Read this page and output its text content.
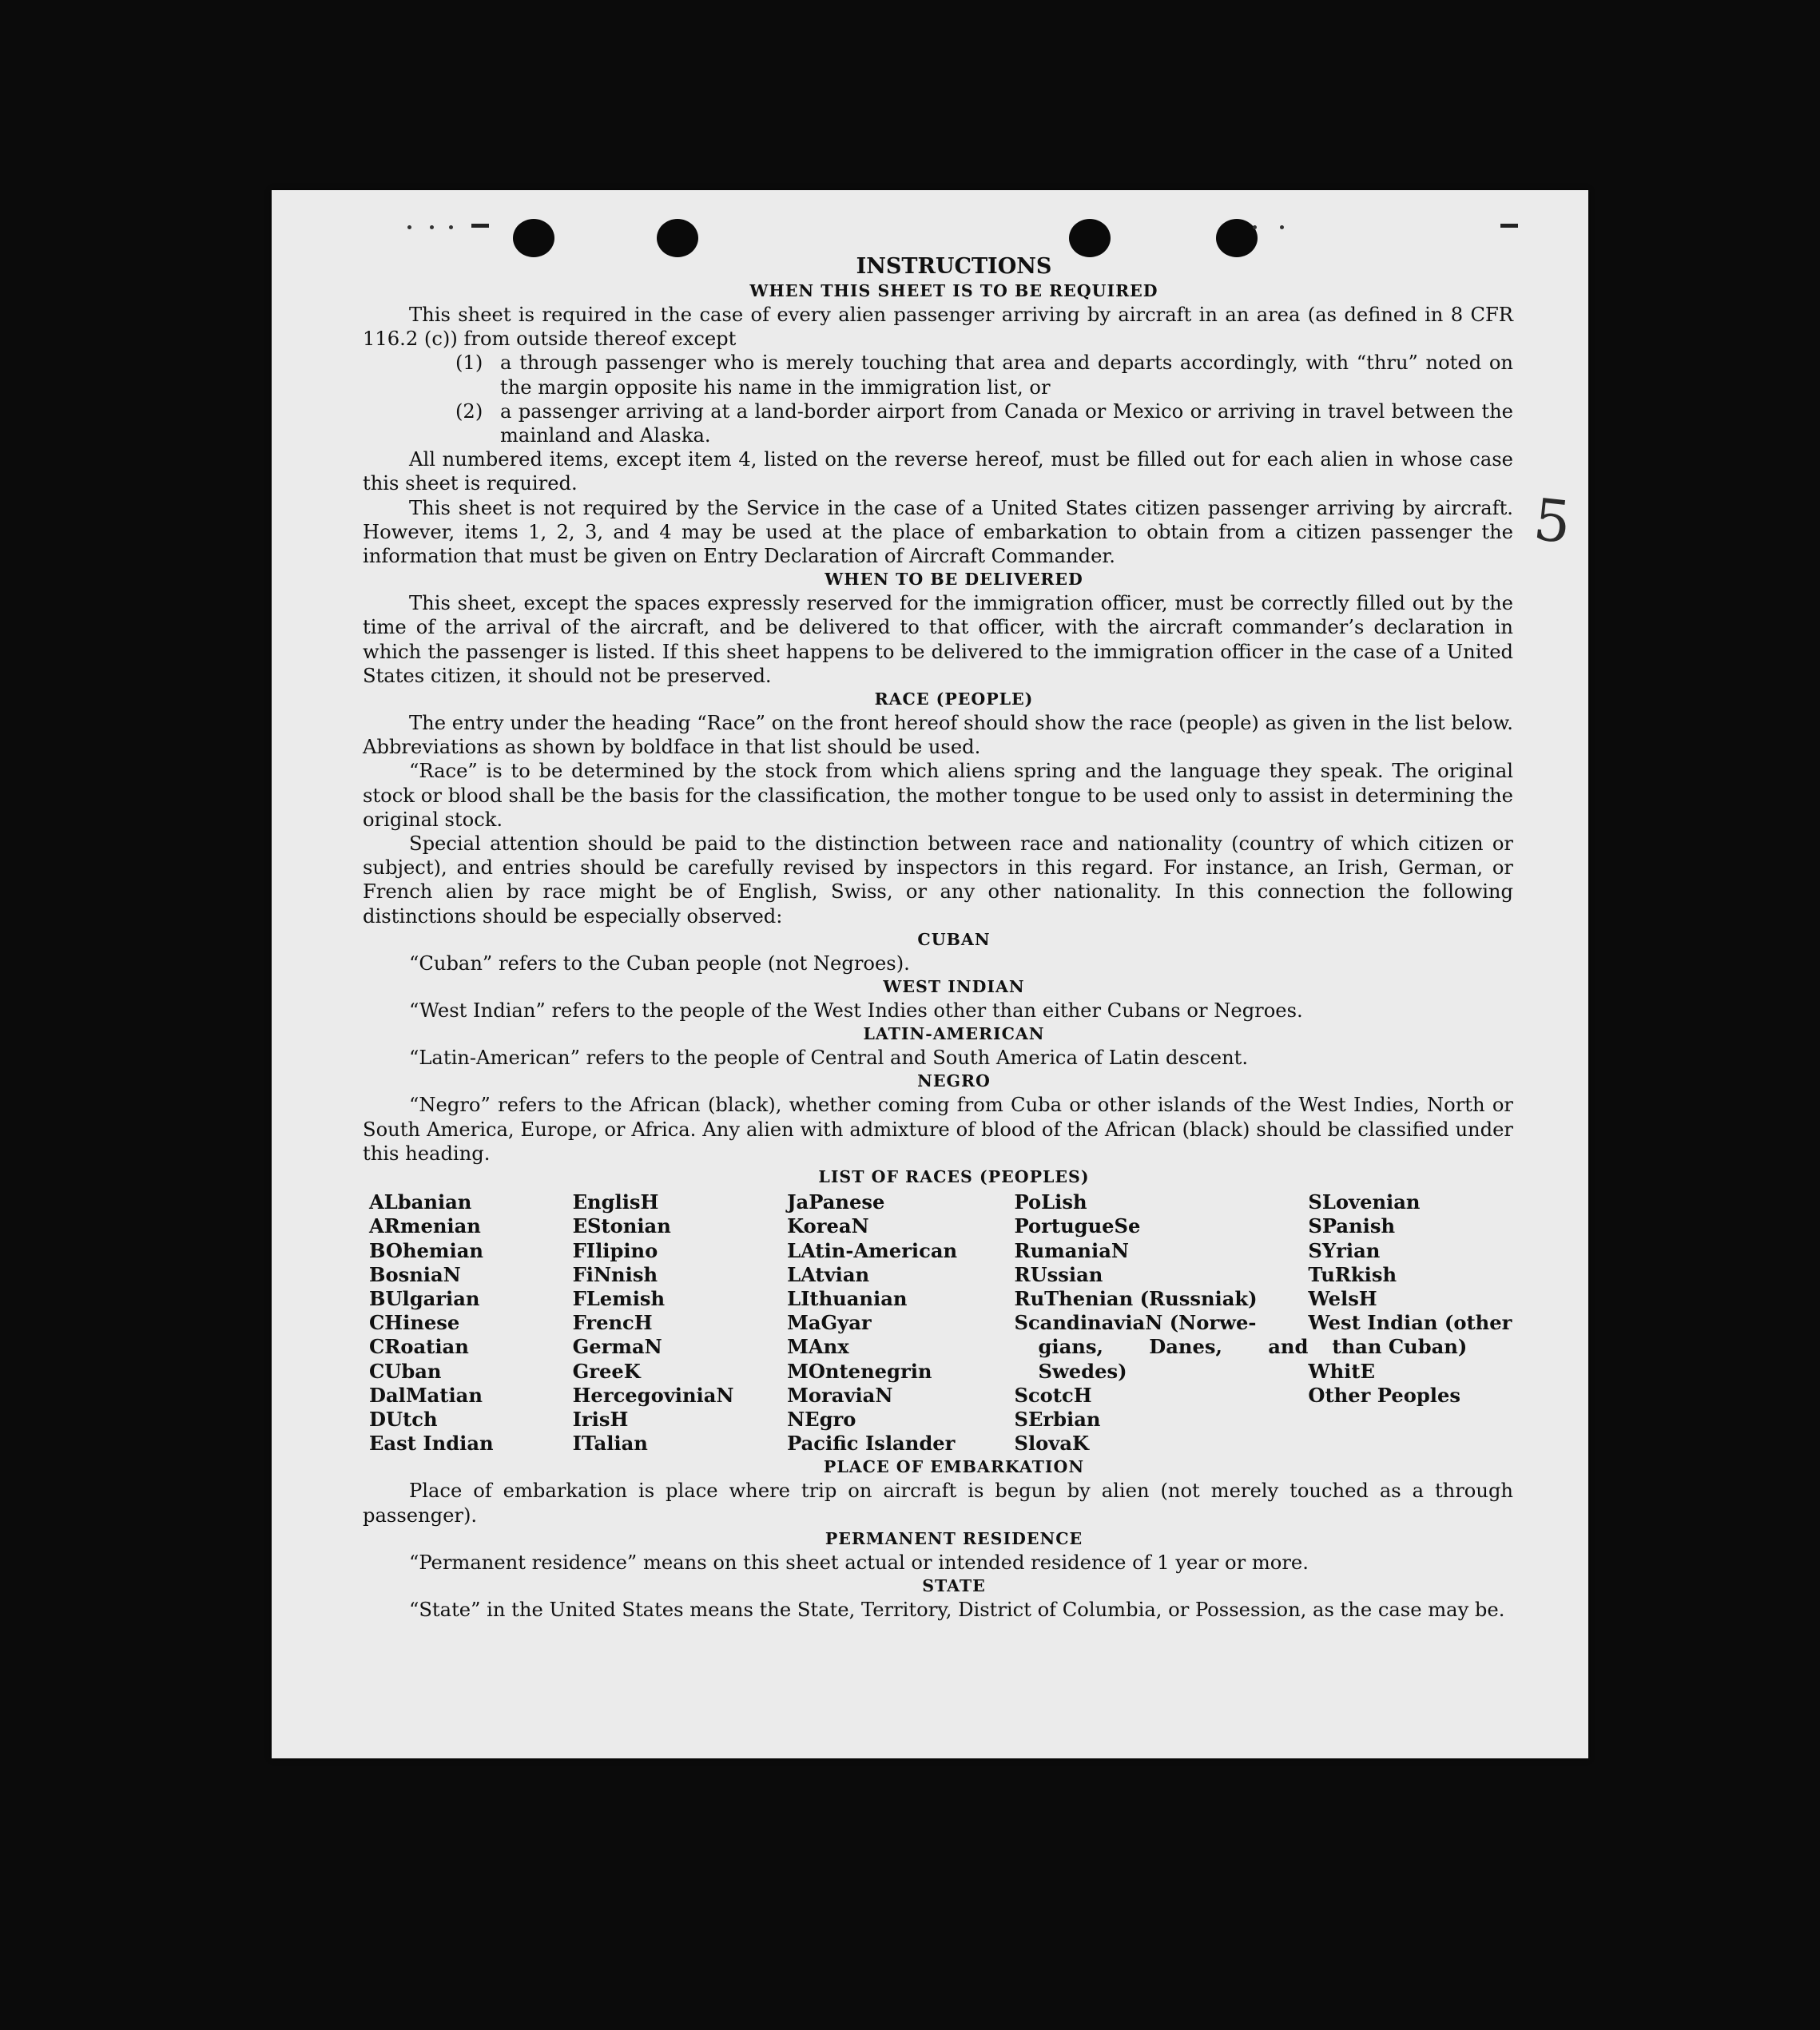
5
INSTRUCTIONS
WHEN THIS SHEET IS TO BE REQUIRED

This sheet is required in the case of every alien passenger arriving by aircraft in an area (as defined in 8 CFR 116.2 (c)) from outside thereof except

(1) a through passenger who is merely touching that area and departs accordingly, with “thru” noted on the margin opposite his name in the immigration list, or
(2) a passenger arriving at a land-border airport from Canada or Mexico or arriving in travel between the mainland and Alaska.

All numbered items, except item 4, listed on the reverse hereof, must be filled out for each alien in whose case this sheet is required.

This sheet is not required by the Service in the case of a United States citizen passenger arriving by aircraft. However, items 1, 2, 3, and 4 may be used at the place of embarkation to obtain from a citizen passenger the information that must be given on Entry Declaration of Aircraft Commander.

WHEN TO BE DELIVERED

This sheet, except the spaces expressly reserved for the immigration officer, must be correctly filled out by the time of the arrival of the aircraft, and be delivered to that officer, with the aircraft commander’s declaration in which the passenger is listed. If this sheet happens to be delivered to the immigration officer in the case of a United States citizen, it should not be preserved.

RACE (PEOPLE)

The entry under the heading “Race” on the front hereof should show the race (people) as given in the list below. Abbreviations as shown by boldface in that list should be used.

“Race” is to be determined by the stock from which aliens spring and the language they speak. The original stock or blood shall be the basis for the classification, the mother tongue to be used only to assist in determining the original stock.

Special attention should be paid to the distinction between race and nationality (country of which citizen or subject), and entries should be carefully revised by inspectors in this regard. For instance, an Irish, German, or French alien by race might be of English, Swiss, or any other nationality. In this connection the following distinctions should be especially observed:

CUBAN

“Cuban” refers to the Cuban people (not Negroes).

WEST INDIAN

“West Indian” refers to the people of the West Indies other than either Cubans or Negroes.

LATIN-AMERICAN

“Latin-American” refers to the people of Central and South America of Latin descent.

NEGRO

“Negro” refers to the African (black), whether coming from Cuba or other islands of the West Indies, North or South America, Europe, or Africa. Any alien with admixture of blood of the African (black) should be classified under this heading.

LIST OF RACES (PEOPLES)
ALbanian
ARmenian
BOhemian
BosniaN
BUlgarian
CHinese
CRoatian
CUban
DalMatian
DUtch
East Indian
EnglisH
EStonian
FIlipino
FiNnish
FLemish
FrencH
GermaN
GreeK
HercegoviniaN
IrisH
ITalian
JaPanese
KoreaN
LAtin-American
LAtvian
LIthuanian
MaGyar
MAnx
MOntenegrin
MoraviaN
NEgro
Pacific Islander
PoLish
PortugueSe
RumaniaN
RUssian
RuThenian (Russniak)
ScandinaviaN (Norwe-
gians, Danes, and
Swedes)
ScotcH
SErbian
SlovaK
SLovenian
SPanish
SYrian
TuRkish
WelsH
West Indian (other
than Cuban)
WhitE
Other Peoples
PLACE OF EMBARKATION

Place of embarkation is place where trip on aircraft is begun by alien (not merely touched as a through passenger).

PERMANENT RESIDENCE

“Permanent residence” means on this sheet actual or intended residence of 1 year or more.

STATE

“State” in the United States means the State, Territory, District of Columbia, or Possession, as the case may be.
